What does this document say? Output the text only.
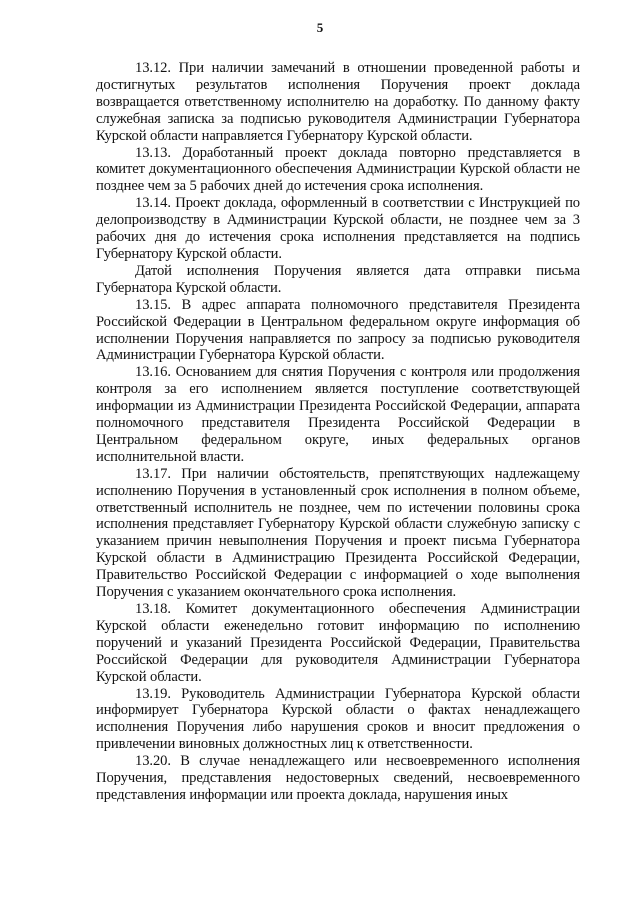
5

13.12. При наличии замечаний в отношении проведенной работы и достигнутых результатов исполнения Поручения проект доклада возвращается ответственному исполнителю на доработку. По данному факту служебная записка за подписью руководителя Администрации Губернатора Курской области направляется Губернатору Курской области.

13.13. Доработанный проект доклада повторно представляется в комитет документационного обеспечения Администрации Курской области не позднее чем за 5 рабочих дней до истечения срока исполнения.

13.14. Проект доклада, оформленный в соответствии с Инструкцией по делопроизводству в Администрации Курской области, не позднее чем за 3 рабочих дня до истечения срока исполнения представляется на подпись Губернатору Курской области.

Датой исполнения Поручения является дата отправки письма Губернатора Курской области.

13.15. В адрес аппарата полномочного представителя Президента Российской Федерации в Центральном федеральном округе информация об исполнении Поручения направляется по запросу за подписью руководителя Администрации Губернатора Курской области.

13.16. Основанием для снятия Поручения с контроля или продолжения контроля за его исполнением является поступление соответствующей информации из Администрации Президента Российской Федерации, аппарата полномочного представителя Президента Российской Федерации в Центральном федеральном округе, иных федеральных органов исполнительной власти.

13.17. При наличии обстоятельств, препятствующих надлежащему исполнению Поручения в установленный срок исполнения в полном объеме, ответственный исполнитель не позднее, чем по истечении половины срока исполнения представляет Губернатору Курской области служебную записку с указанием причин невыполнения Поручения и проект письма Губернатора Курской области в Администрацию Президента Российской Федерации, Правительство Российской Федерации с информацией о ходе выполнения Поручения с указанием окончательного срока исполнения.

13.18. Комитет документационного обеспечения Администрации Курской области еженедельно готовит информацию по исполнению поручений и указаний Президента Российской Федерации, Правительства Российской Федерации для руководителя Администрации Губернатора Курской области.

13.19. Руководитель Администрации Губернатора Курской области информирует Губернатора Курской области о фактах ненадлежащего исполнения Поручения либо нарушения сроков и вносит предложения о привлечении виновных должностных лиц к ответственности.

13.20. В случае ненадлежащего или несвоевременного исполнения Поручения, представления недостоверных сведений, несвоевременного представления информации или проекта доклада, нарушения иных
